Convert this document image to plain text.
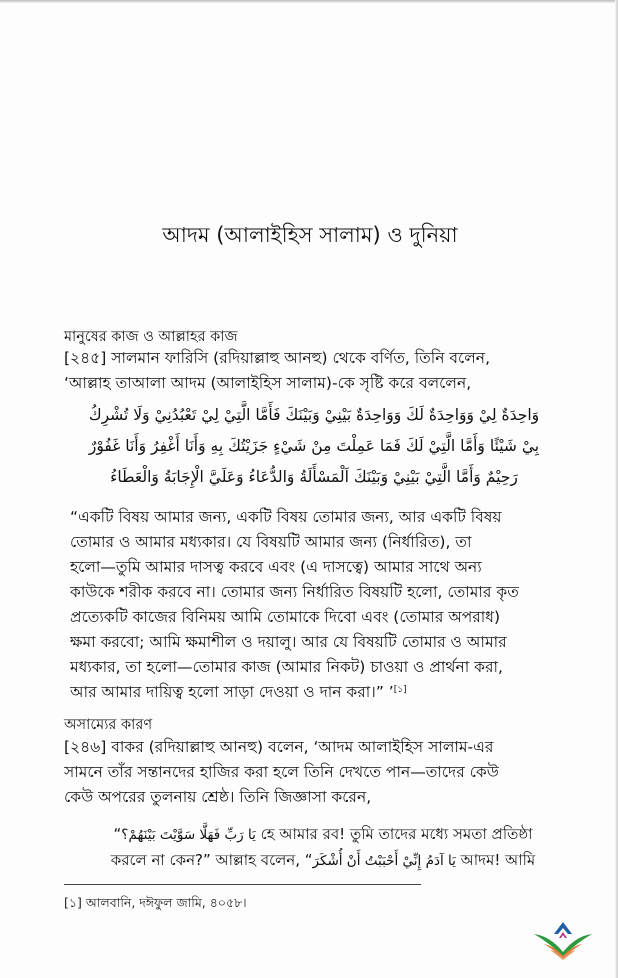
আদম (আলাইহিস সালাম) ও দুনিয়া
মানুষের কাজ ও আল্লাহর কাজ
[২৪৫] সালমান ফারিসি (রদিয়াল্লাহু আনহু) থেকে বর্ণিত, তিনি বলেন,
‘আল্লাহ তাআলা আদম (আলাইহিস সালাম)-কে সৃষ্টি করে বললেন,
وَاحِدَةٌ لِيْ وَوَاحِدَةٌ لَكَ وَوَاحِدَةٌ بَيْنِيْ وَبَيْنَكَ فَأَمَّا الَّتِيْ لِيْ تَعْبُدُنِيْ وَلَا تُشْرِكُ
بِيْ شَيْئًا وَأَمَّا الَّتِيْ لَكَ فَمَا عَمِلْتَ مِنْ شَيْءٍ جَزَيْتُكَ بِهِ وَأَنَا أَغْفِرُ وَأَنَا غَفُوْرٌ
رَحِيْمٌ وَأَمَّا الَّتِيْ بَيْنِيْ وَبَيْنَكَ اَلْمَسْأَلَةُ وَالدُّعَاءُ وَعَلَيَّ الْإِجَابَةُ وَالْعَطَاءُ
“একটি বিষয় আমার জন্য, একটি বিষয় তোমার জন্য, আর একটি বিষয়
তোমার ও আমার মধ্যকার। যে বিষয়টি আমার জন্য (নির্ধারিত), তা
হলো—তুমি আমার দাসত্ব করবে এবং (এ দাসত্বে) আমার সাথে অন্য
কাউকে শরীক করবে না। তোমার জন্য নির্ধারিত বিষয়টি হলো, তোমার কৃত
প্রত্যেকটি কাজের বিনিময় আমি তোমাকে দিবো এবং (তোমার অপরাধ)
ক্ষমা করবো; আমি ক্ষমাশীল ও দয়ালু। আর যে বিষয়টি তোমার ও আমার
মধ্যকার, তা হলো—তোমার কাজ (আমার নিকট) চাওয়া ও প্রার্থনা করা,
আর আমার দায়িত্ব হলো সাড়া দেওয়া ও দান করা।” ’[১]
অসাম্যের কারণ
[২৪৬] বাকর (রদিয়াল্লাহু আনহু) বলেন, ‘আদম আলাইহিস সালাম-এর
সামনে তাঁর সন্তানদের হাজির করা হলে তিনি দেখতে পান—তাদের কেউ
কেউ অপরের তুলনায় শ্রেষ্ঠ। তিনি জিজ্ঞাসা করেন,
“يَا رَبِّ فَهَلَّا سَوَّيْتَ بَيْنَهُمْ؟ হে আমার রব! তুমি তাদের মধ্যে সমতা প্রতিষ্ঠা
করলে না কেন?” আল্লাহ বলেন, “يَا آدَمُ إِنِّيْ أَحْبَبْتُ أَنْ أُشْكَرَ আদম! আমি
[১] আলবানি, দঈফুল জামি, ৪০৫৮।
